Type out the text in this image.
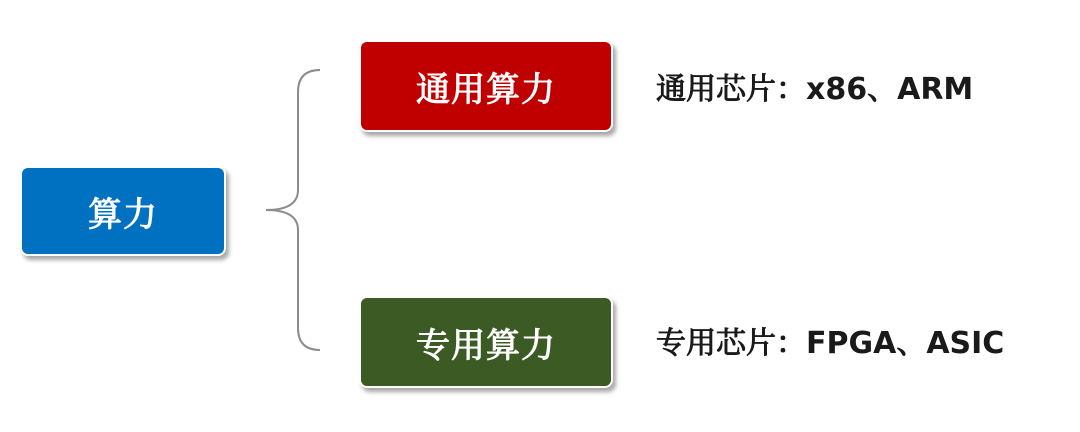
算力
通用算力	通用芯片：x86、ARM
专用算力	专用芯片：FPGA、ASIC
